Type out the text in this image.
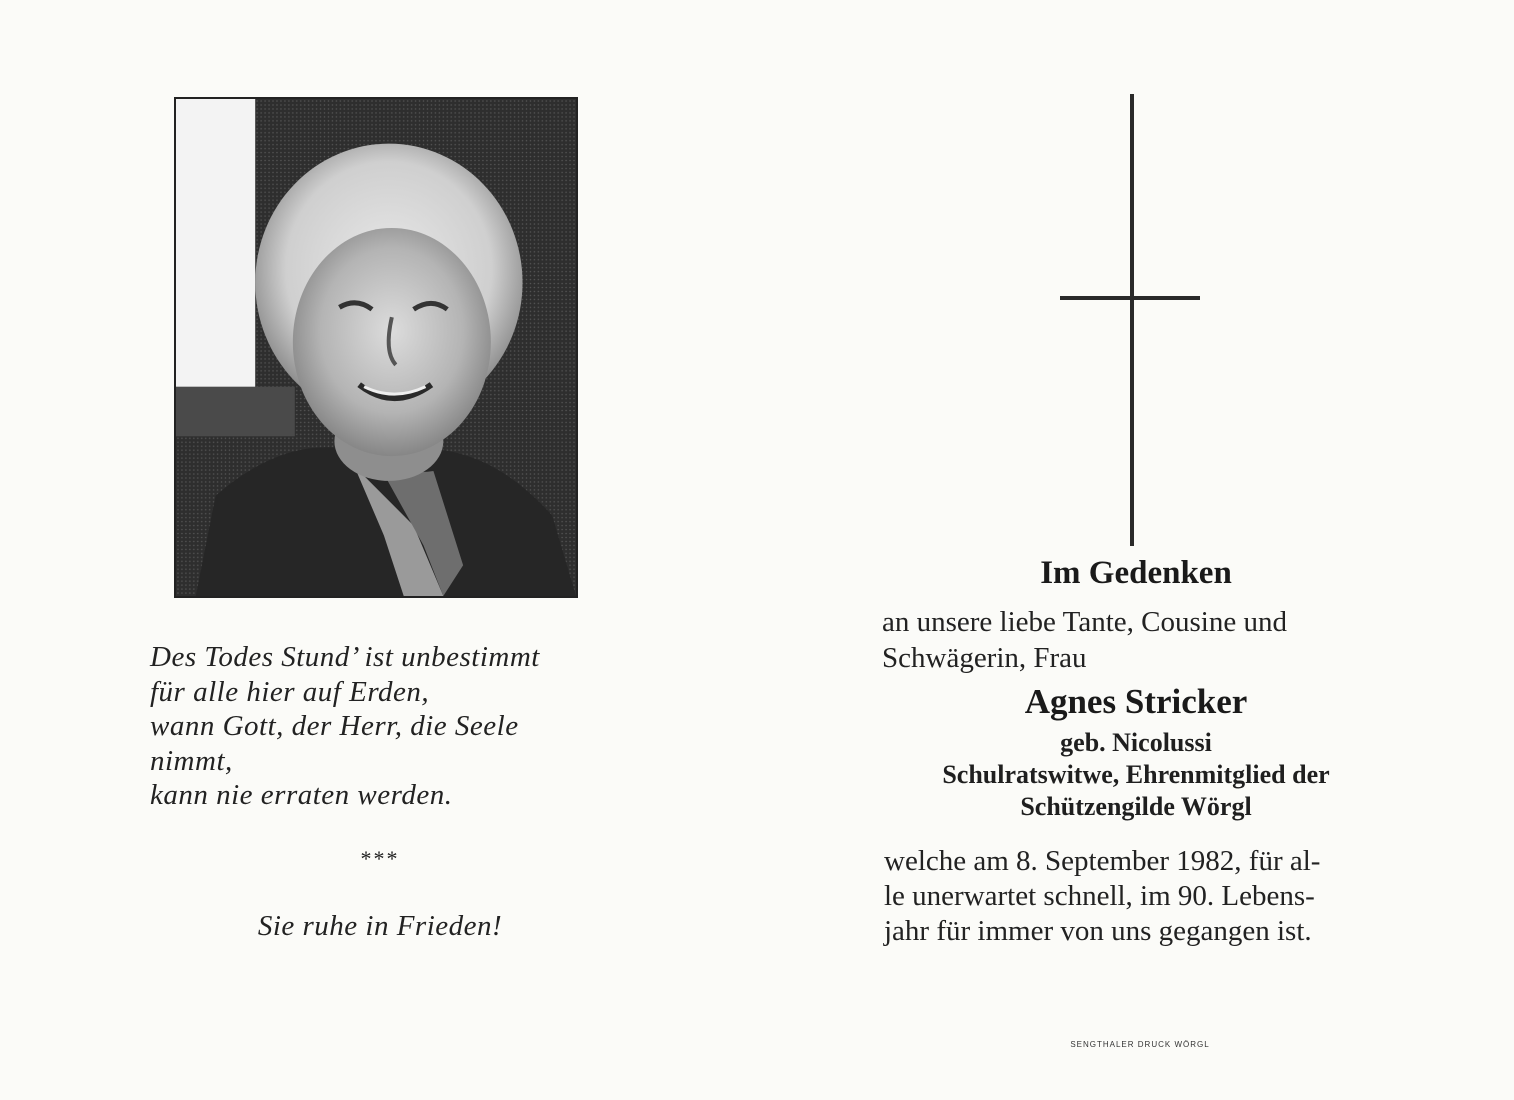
Des Todes Stund’ ist unbestimmt
für alle hier auf Erden,
wann Gott, der Herr, die Seele
nimmt,
kann nie erraten werden.
***
Sie ruhe in Frieden!
Im Gedenken
an unsere liebe Tante, Cousine und
Schwägerin, Frau
Agnes Stricker
geb. Nicolussi
Schulratswitwe, Ehrenmitglied der
Schützengilde Wörgl
welche am 8. September 1982, für al-
le unerwartet schnell, im 90. Lebens-
jahr für immer von uns gegangen ist.
SENGTHALER DRUCK WÖRGL
